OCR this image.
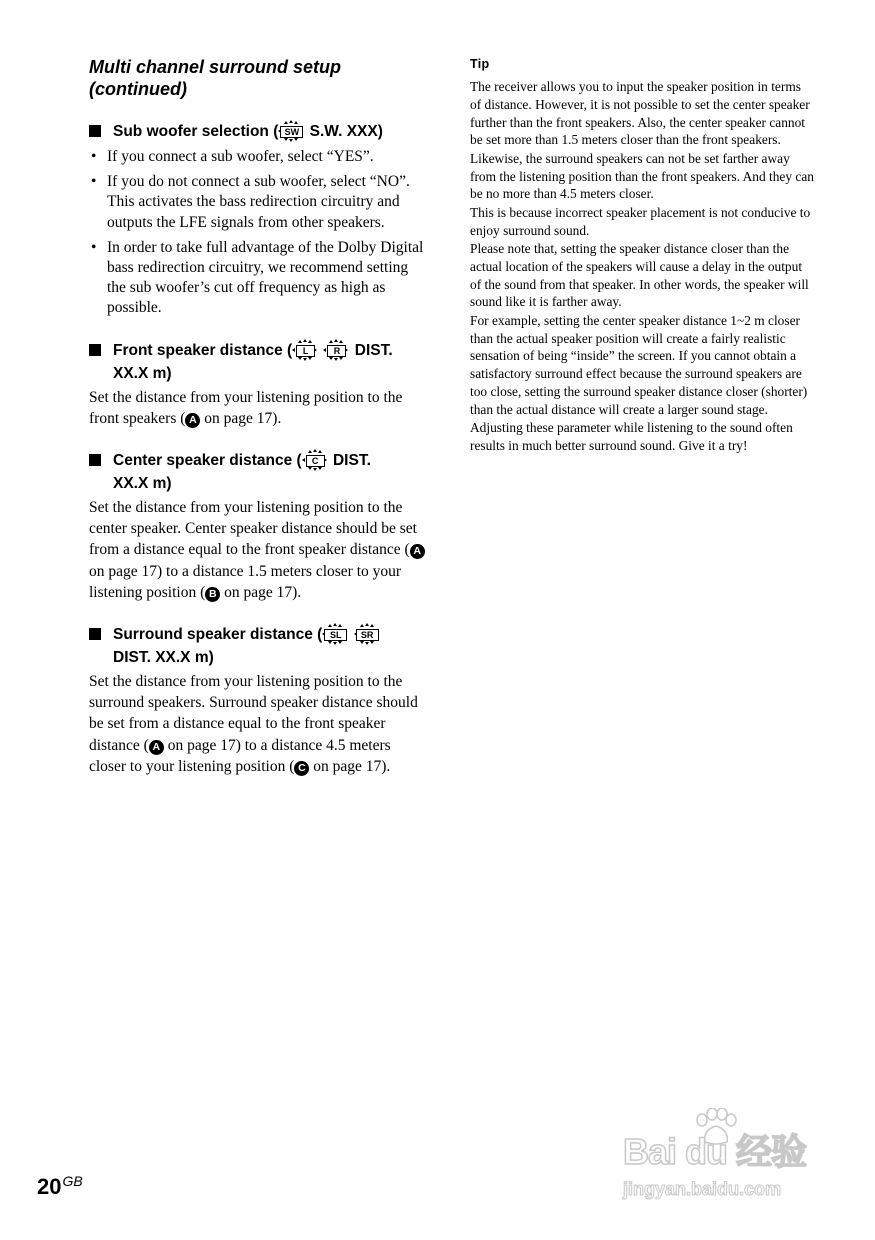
Multi channel surround setup
(continued)

Sub woofer selection ( SW S.W. XXX)

• If you connect a sub woofer, select “YES”.
• If you do not connect a sub woofer, select “NO”. This activates the bass redirection circuitry and outputs the LFE signals from other speakers.
• In order to take full advantage of the Dolby Digital bass redirection circuitry, we recommend setting the sub woofer’s cut off frequency as high as possible.

Front speaker distance (	L
	R DIST.
XX.X m)

Set the distance from your listening position to the front speakers ( A on page 17).

Center speaker distance (	C DIST.
XX.X m)

Set the distance from your listening position to the center speaker. Center speaker distance should be set from a distance equal to the front speaker distance ( A on page 17) to a distance 1.5 meters closer to your listening position ( B on page 17).

Surround speaker distance ( SL
	SR
DIST. XX.X m)

Set the distance from your listening position to the surround speakers. Surround speaker distance should be set from a distance equal to the front speaker distance ( A on page 17) to a distance 4.5 meters closer to your listening position ( C on page 17).

Tip

The receiver allows you to input the speaker position in terms of distance. However, it is not possible to set the center speaker further than the front speakers. Also, the center speaker cannot be set more than 1.5 meters closer than the front speakers.

Likewise, the surround speakers can not be set farther away from the listening position than the front speakers. And they can be no more than 4.5 meters closer.

This is because incorrect speaker placement is not conducive to enjoy surround sound.

Please note that, setting the speaker distance closer than the actual location of the speakers will cause a delay in the output of the sound from that speaker. In other words, the speaker will sound like it is farther away.

For example, setting the center speaker distance 1~2 m closer than the actual speaker position will create a fairly realistic sensation of being “inside” the screen. If you cannot obtain a satisfactory surround effect because the surround speakers are too close, setting the surround speaker distance closer (shorter) than the actual distance will create a larger sound stage.

Adjusting these parameter while listening to the sound often results in much better surround sound. Give it a try!

$20^{GB}$
Bai du 经验
jingyan.baidu.com
